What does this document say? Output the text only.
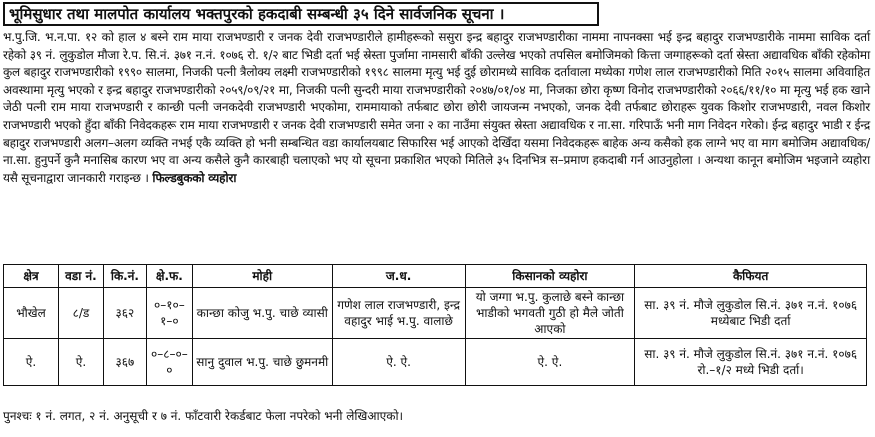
भूमिसुधार तथा मालपोत कार्यालय भक्तपुरको हकदाबी सम्बन्धी ३५ दिने सार्वजनिक सूचना ।
भ.पु.जि. भ.न.पा. १२ को हाल ४ बस्ने राम माया राजभण्डारी र जनक देवी राजभण्डारीले हामीहरूको ससुरा इन्द्र बहादुर राजभण्डारीका नाममा नापनक्सा भई इन्द्र बहादुर राजभण्डारीके नाममा साविक दर्ता रहेको ३९ नं. लुकुडोल मौजा रे.प. सि.नं. ३७१ न.नं. १०७६ रो. १/२ बाट भिडी दर्ता भई स्रेस्ता पुर्जामा नामसारी बाँकी उल्लेख भएको तपसिल बमोजिमको कित्ता जग्गाहरूको दर्ता स्रेस्ता अद्यावधिक बाँकी रहेकोमा कुल बहादुर राजभण्डारीको १९९० सालमा, निजकी पत्नी त्रैलोक्य लक्ष्मी राजभण्डारीको १९९८ सालमा मृत्यु भई दुई छोरामध्ये साविक दर्तावाला मध्येका गणेश लाल राजभण्डारीको मिति २०१५ सालमा अविवाहित अवस्थामा मृत्यु भएको र इन्द्र बहादुर राजभण्डारीको २०५९/०९/२१ मा, निजकी पत्नी सुन्दरी माया राजभण्डारीको २०४७/०१/०४ मा, निजका छोरा कृष्ण विनोद राजभण्डारीको २०६६/११/१० मा मृत्यु भई हक खाने जेठी पत्नी राम माया राजभण्डारी र कान्छी पत्नी जनकदेवी राजभण्डारी भएकोमा, राममायाको तर्फबाट छोरा छोरी जायजन्म नभएको, जनक देवी तर्फबाट छोराहरू युवक किशोर राजभण्डारी, नवल किशोर राजभण्डारी भएको हुँदा बाँकी निवेदकहरू राम माया राजभण्डारी र जनक देवी राजभण्डारी समेत जना २ का नाउँमा संयुक्त स्रेस्ता अद्यावधिक र ना.सा. गरिपाऊँ भनी माग निवेदन गरेको। ईन्द्र बहादुर भाडी र ईन्द्र बहादुर राजभण्डारी अलग–अलग व्यक्ति नभई एकै व्यक्ति हो भनी सम्बन्धित वडा कार्यालयबाट सिफारिस भई आएको देखिँदा यसमा निवेदकहरू बाहेक अन्य कसैको हक लाग्ने भए वा माग बमोजिम अद्यावधिक/ना.सा. हुनुपर्ने कुनै मनासिब कारण भए वा अन्य कसैले कुनै कारबाही चलाएको भए यो सूचना प्रकाशित भएको मितिले ३५ दिनभित्र स–प्रमाण हकदाबी गर्न आउनुहोला । अन्यथा कानून बमोजिम भइजाने व्यहोरा यसै सूचनाद्वारा जानकारी गराइन्छ । फिल्डबुकको व्यहोरा
क्षेत्र	वडा नं.	कि.नं.	क्षे.फ.	मोही	ज.ध.	किसानको व्यहोरा	कैफियत
भौखेल	८/ड	३६२	०–१०–१–०	कान्छा कोजु भ.पु. चाछे व्यासी	गणेश लाल राजभण्डारी, इन्द्र वहादुर भाई भ.पु. वालाछे	यो जग्गा भ.पु. कुलाछे बस्ने कान्छा भाडीको भगवती गुठी हो मैले जोती आएको	सा. ३९ नं. मौजे लुकुडोल सि.नं. ३७१ न.नं. १०७६ मध्येबाट भिडी दर्ता
ऐ.	ऐ.	३६७	०–८–०–०	सानु दुवाल भ.पु. चाछे छुमनमी	ऐ. ऐ.	ऐ. ऐ.	सा. ३९ नं. मौजे लुकुडोल सि.नं. ३७१ न.नं. १०७६ रो.–१/२ मध्ये भिडी दर्ता।
पुनश्चः १ नं. लगत, २ नं. अनुसूची र ७ नं. फाँटवारी रेकर्डबाट फेला नपरेको भनी लेखिआएको।
